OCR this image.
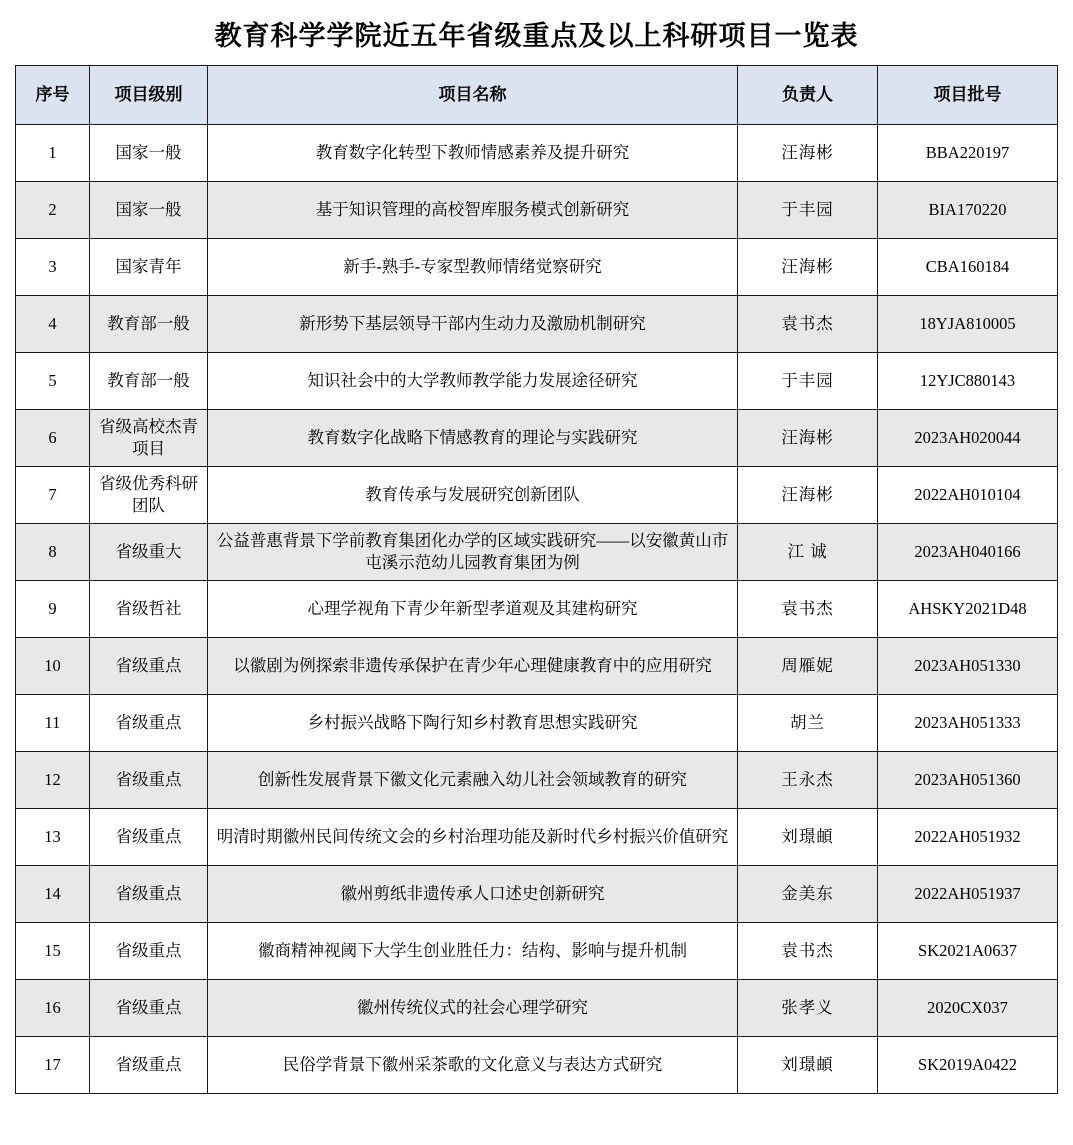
教育科学学院近五年省级重点及以上科研项目一览表
序号	项目级别	项目名称	负责人	项目批号
1	国家一般	教育数字化转型下教师情感素养及提升研究	汪海彬	BBA220197
2	国家一般	基于知识管理的高校智库服务模式创新研究	于丰园	BIA170220
3	国家青年	新手-熟手-专家型教师情绪觉察研究	汪海彬	CBA160184
4	教育部一般	新形势下基层领导干部内生动力及激励机制研究	袁书杰	18YJA810005
5	教育部一般	知识社会中的大学教师教学能力发展途径研究	于丰园	12YJC880143
6	省级高校杰青项目	教育数字化战略下情感教育的理论与实践研究	汪海彬	2023AH020044
7	省级优秀科研团队	教育传承与发展研究创新团队	汪海彬	2022AH010104
8	省级重大	公益普惠背景下学前教育集团化办学的区域实践研究——以安徽黄山市屯溪示范幼儿园教育集团为例	江 诚	2023AH040166
9	省级哲社	心理学视角下青少年新型孝道观及其建构研究	袁书杰	AHSKY2021D48
10	省级重点	以徽剧为例探索非遗传承保护在青少年心理健康教育中的应用研究	周雁妮	2023AH051330
11	省级重点	乡村振兴战略下陶行知乡村教育思想实践研究	胡兰	2023AH051333
12	省级重点	创新性发展背景下徽文化元素融入幼儿社会领域教育的研究	王永杰	2023AH051360
13	省级重点	明清时期徽州民间传统文会的乡村治理功能及新时代乡村振兴价值研究	刘璟頔	2022AH051932
14	省级重点	徽州剪纸非遗传承人口述史创新研究	金美东	2022AH051937
15	省级重点	徽商精神视阈下大学生创业胜任力：结构、影响与提升机制	袁书杰	SK2021A0637
16	省级重点	徽州传统仪式的社会心理学研究	张孝义	2020CX037
17	省级重点	民俗学背景下徽州采茶歌的文化意义与表达方式研究	刘璟頔	SK2019A0422
